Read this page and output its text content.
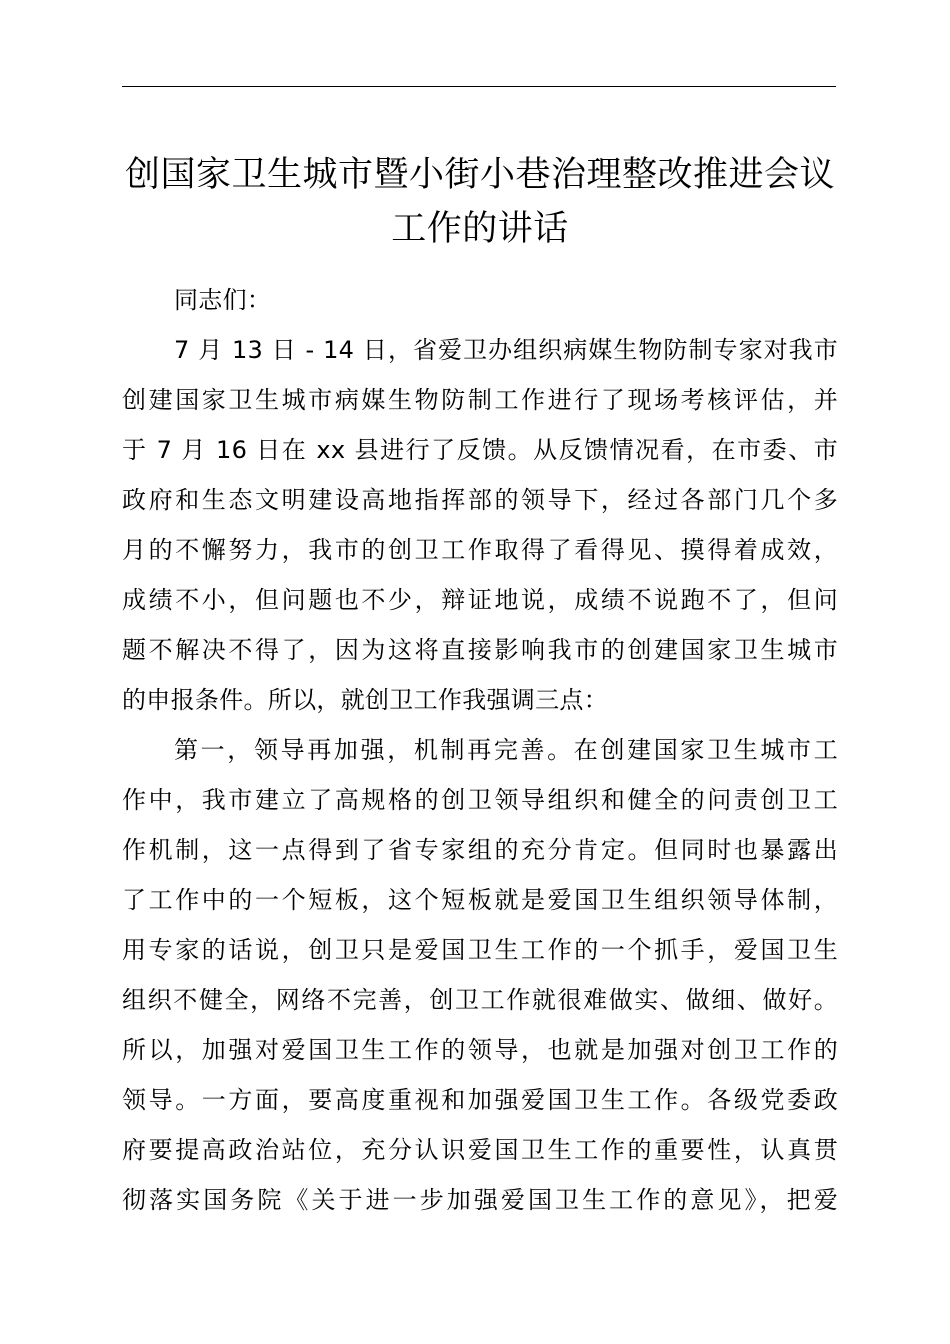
创国家卫生城市暨小街小巷治理整改推进会议
工作的讲话
同志们：
7 月 13 日 - 14 日，省爱卫办组织病媒生物防制专家对我市
创建国家卫生城市病媒生物防制工作进行了现场考核评估，并
于 7 月 16 日在 xx 县进行了反馈。从反馈情况看，在市委、市
政府和生态文明建设高地指挥部的领导下，经过各部门几个多
月的不懈努力，我市的创卫工作取得了看得见、摸得着成效，
成绩不小，但问题也不少，辩证地说，成绩不说跑不了，但问
题不解决不得了，因为这将直接影响我市的创建国家卫生城市
的申报条件。所以，就创卫工作我强调三点：
第一，领导再加强，机制再完善。在创建国家卫生城市工
作中，我市建立了高规格的创卫领导组织和健全的问责创卫工
作机制，这一点得到了省专家组的充分肯定。但同时也暴露出
了工作中的一个短板，这个短板就是爱国卫生组织领导体制，
用专家的话说，创卫只是爱国卫生工作的一个抓手，爱国卫生
组织不健全，网络不完善，创卫工作就很难做实、做细、做好。
所以，加强对爱国卫生工作的领导，也就是加强对创卫工作的
领导。一方面，要高度重视和加强爱国卫生工作。各级党委政
府要提高政治站位，充分认识爱国卫生工作的重要性，认真贯
彻落实国务院《关于进一步加强爱国卫生工作的意见》，把爱
